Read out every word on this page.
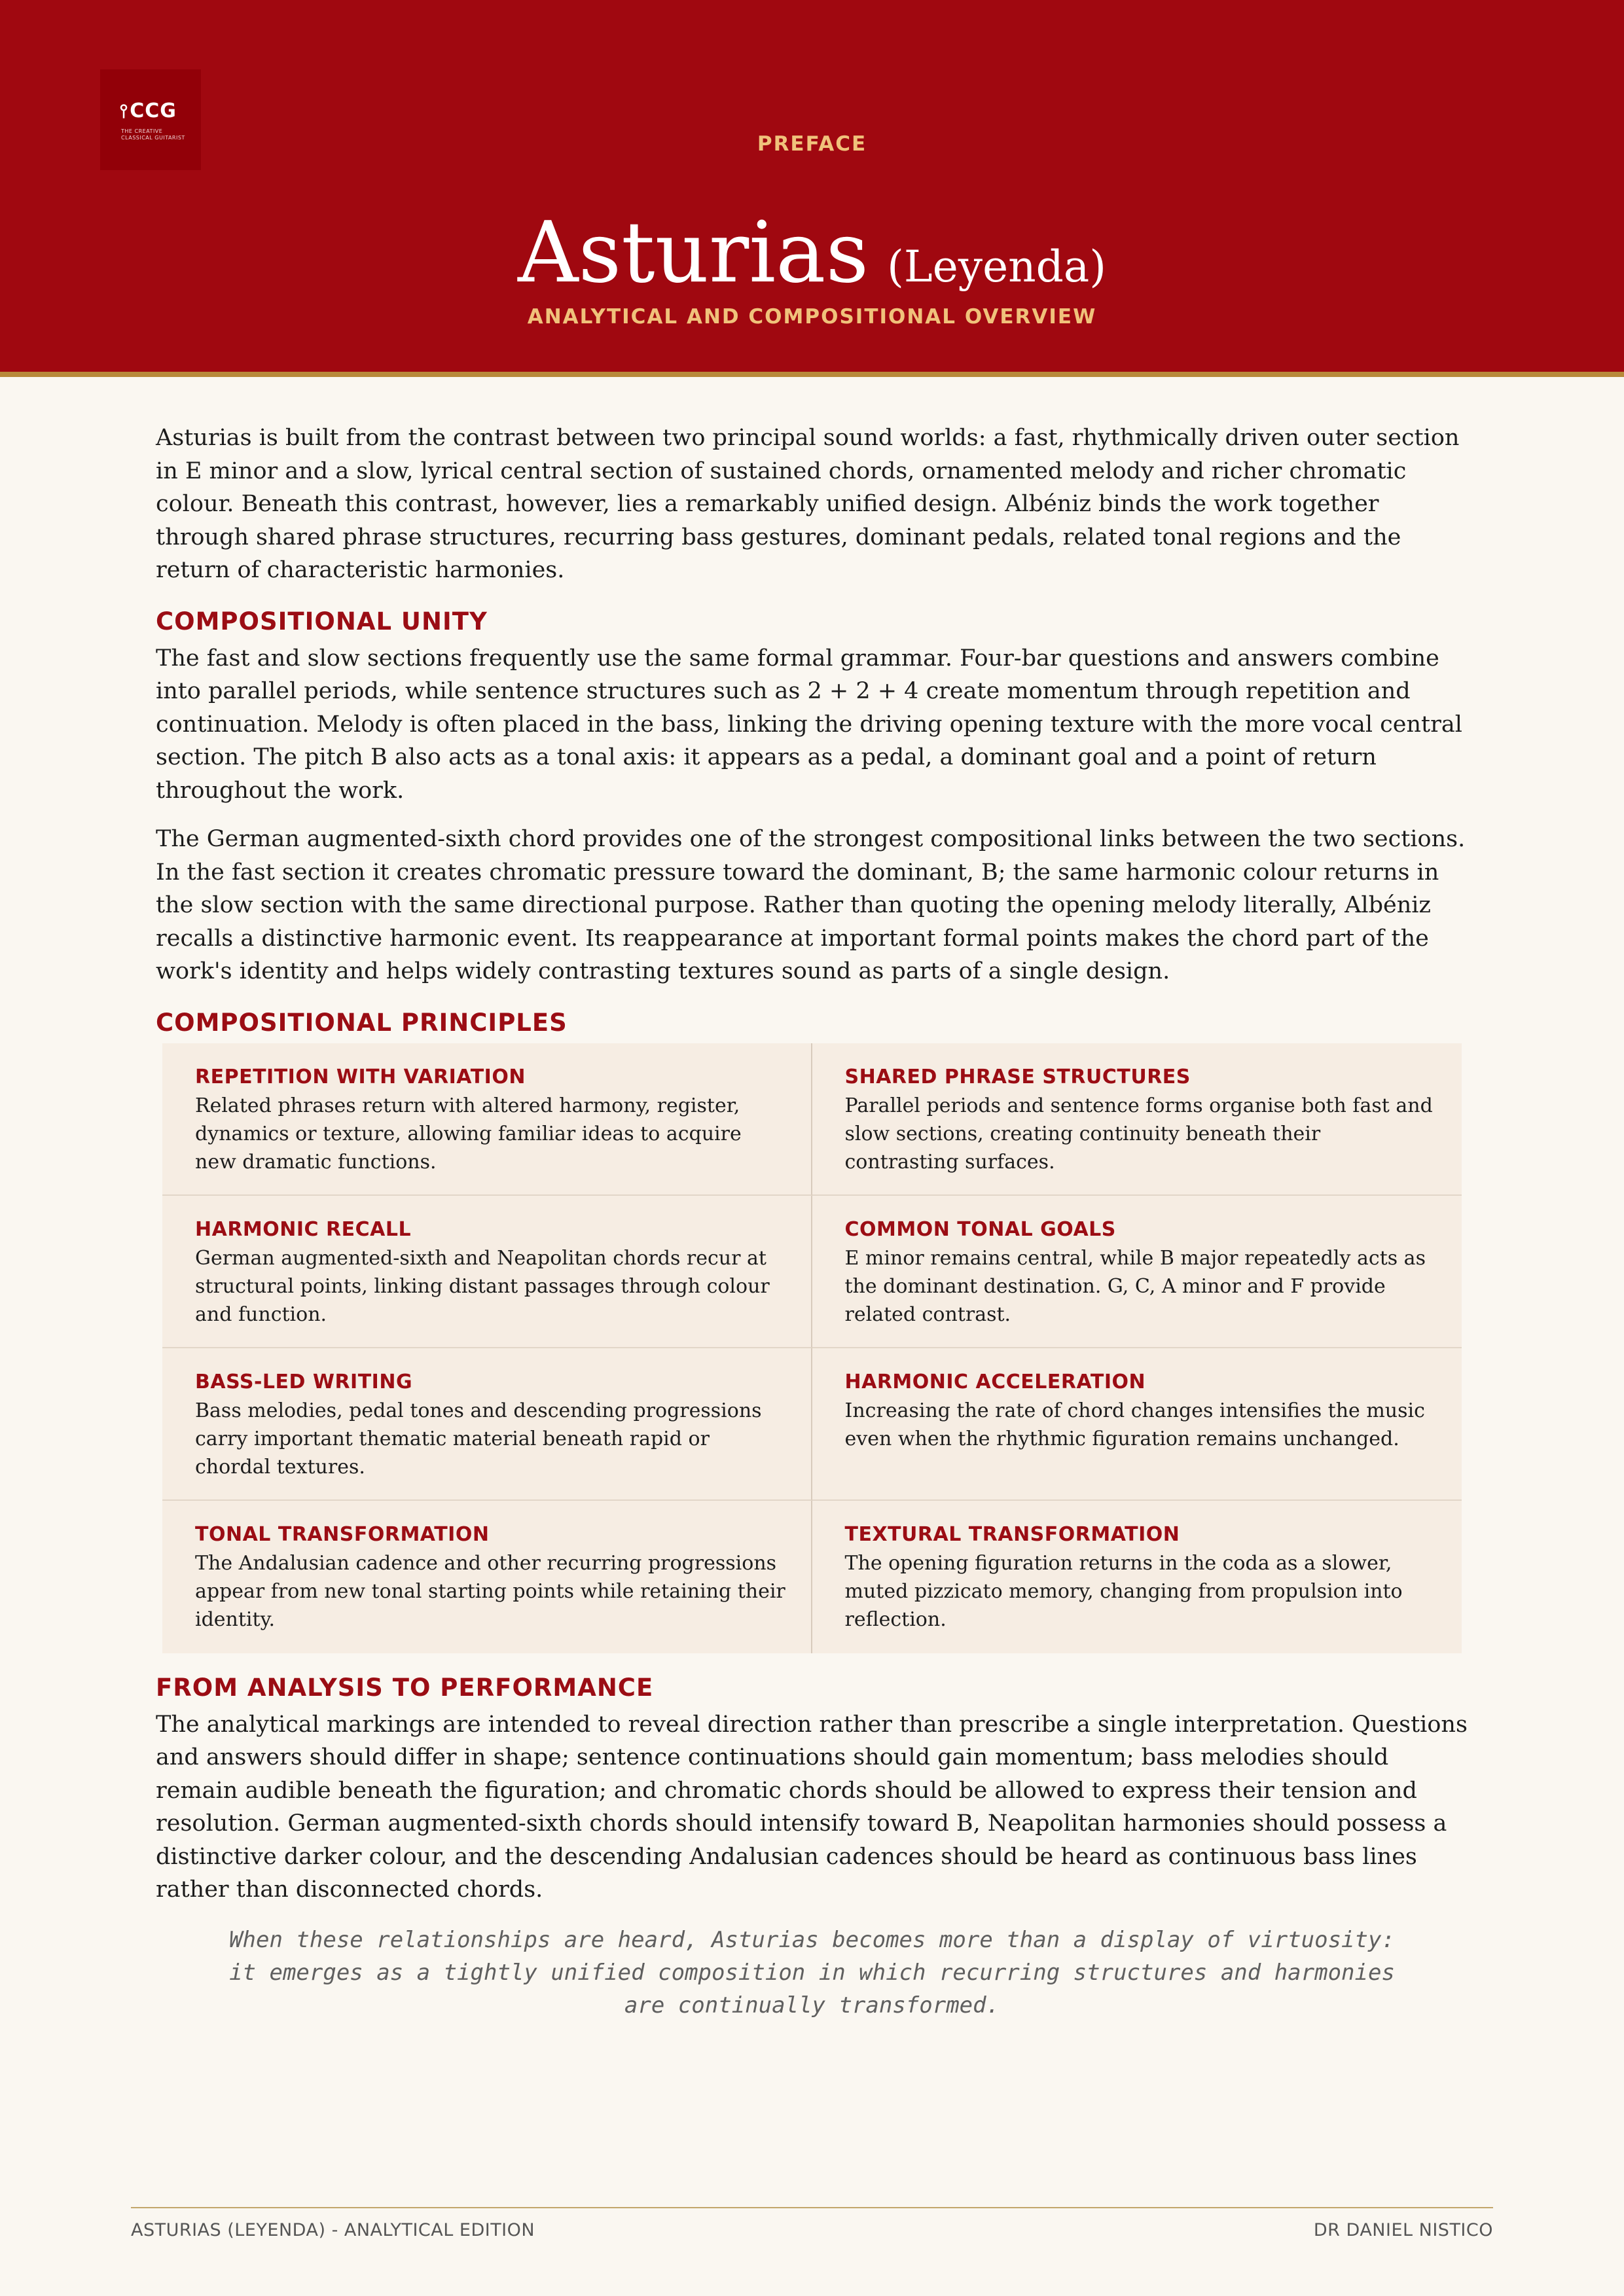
⫯CCG
THE CREATIVE CLASSICAL GUITARIST	PREFACE
Asturias (Leyenda)
ANALYTICAL AND COMPOSITIONAL OVERVIEW

Asturias is built from the contrast between two principal sound worlds: a fast, rhythmically driven outer section in E minor and a slow, lyrical central section of sustained chords, ornamented melody and richer chromatic colour. Beneath this contrast, however, lies a remarkably unified design. Albéniz binds the work together through shared phrase structures, recurring bass gestures, dominant pedals, related tonal regions and the return of characteristic harmonies.

COMPOSITIONAL UNITY

The fast and slow sections frequently use the same formal grammar. Four-bar questions and answers combine into parallel periods, while sentence structures such as 2 + 2 + 4 create momentum through repetition and continuation. Melody is often placed in the bass, linking the driving opening texture with the more vocal central section. The pitch B also acts as a tonal axis: it appears as a pedal, a dominant goal and a point of return throughout the work.

The German augmented-sixth chord provides one of the strongest compositional links between the two sections. In the fast section it creates chromatic pressure toward the dominant, B; the same harmonic colour returns in the slow section with the same directional purpose. Rather than quoting the opening melody literally, Albéniz recalls a distinctive harmonic event. Its reappearance at important formal points makes the chord part of the work's identity and helps widely contrasting textures sound as parts of a single design.

COMPOSITIONAL PRINCIPLES
REPETITION WITH VARIATION

Related phrases return with altered harmony, register, dynamics or texture, allowing familiar ideas to acquire new dramatic functions.

SHARED PHRASE STRUCTURES

Parallel periods and sentence forms organise both fast and slow sections, creating continuity beneath their contrasting surfaces.

HARMONIC RECALL

German augmented-sixth and Neapolitan chords recur at structural points, linking distant passages through colour and function.

COMMON TONAL GOALS

E minor remains central, while B major repeatedly acts as the dominant destination. G, C, A minor and F provide related contrast.

BASS-LED WRITING

Bass melodies, pedal tones and descending progressions carry important thematic material beneath rapid or chordal textures.

HARMONIC ACCELERATION

Increasing the rate of chord changes intensifies the music even when the rhythmic figuration remains unchanged.

TONAL TRANSFORMATION

The Andalusian cadence and other recurring progressions appear from new tonal starting points while retaining their identity.

TEXTURAL TRANSFORMATION

The opening figuration returns in the coda as a slower, muted pizzicato memory, changing from propulsion into reflection.

FROM ANALYSIS TO PERFORMANCE

The analytical markings are intended to reveal direction rather than prescribe a single interpretation. Questions and answers should differ in shape; sentence continuations should gain momentum; bass melodies should remain audible beneath the figuration; and chromatic chords should be allowed to express their tension and resolution. German augmented-sixth chords should intensify toward B, Neapolitan harmonies should possess a distinctive darker colour, and the descending Andalusian cadences should be heard as continuous bass lines rather than disconnected chords.

When these relationships are heard, Asturias becomes more than a display of virtuosity: it emerges as a tightly unified composition in which recurring structures and harmonies are continually transformed.

ASTURIAS (LEYENDA) - ANALYTICAL EDITION	DR DANIEL NISTICO
